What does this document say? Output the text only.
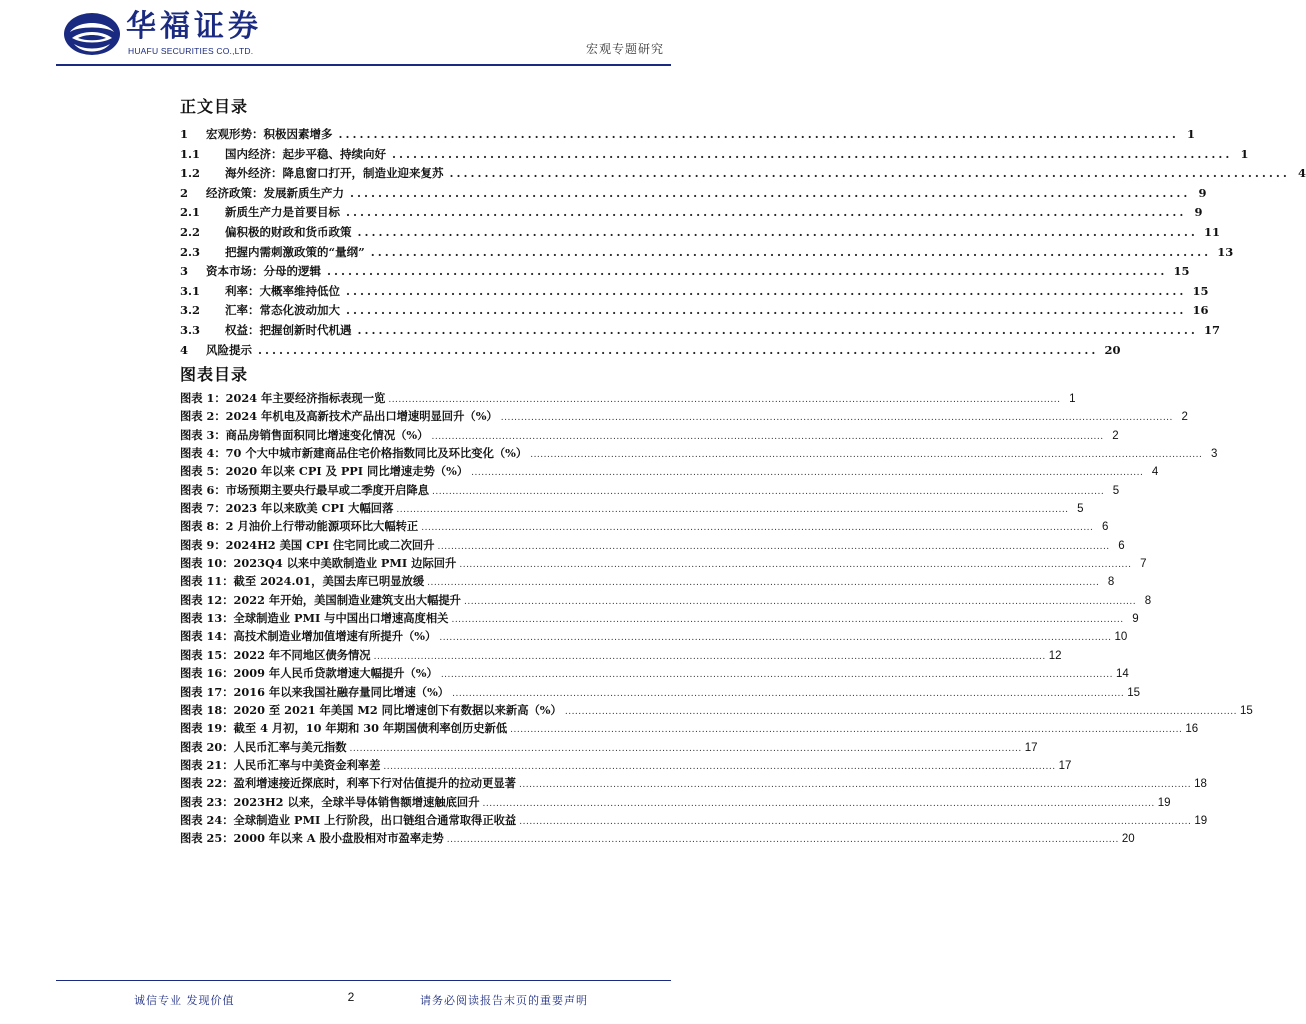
华福证券
HUAFU SECURITIES CO.,LTD.	宏观专题研究
正文目录
1	宏观形势：积极因素增多 ........................................................................................................................ 1
1.1	国内经济：起步平稳、持续向好 ........................................................................................................................ 1
1.2	海外经济：降息窗口打开，制造业迎来复苏 ........................................................................................................................ 4
2	经济政策：发展新质生产力 ........................................................................................................................ 9
2.1	新质生产力是首要目标 ........................................................................................................................ 9
2.2	偏积极的财政和货币政策 ........................................................................................................................ 11
2.3	把握内需刺激政策的“量纲” ........................................................................................................................ 13
3	资本市场：分母的逻辑 ........................................................................................................................ 15
3.1	利率：大概率维持低位 ........................................................................................................................ 15
3.2	汇率：常态化波动加大 ........................................................................................................................ 16
3.3	权益：把握创新时代机遇 ........................................................................................................................ 17
4	风险提示 ........................................................................................................................ 20
图表目录
图表 1：2024 年主要经济指标表现一览 ........................................................................................................................................................................................................ 1
图表 2：2024 年机电及高新技术产品出口增速明显回升（%） ........................................................................................................................................................................................................ 2
图表 3：商品房销售面积同比增速变化情况（%） ........................................................................................................................................................................................................ 2
图表 4：70 个大中城市新建商品住宅价格指数同比及环比变化（%） ........................................................................................................................................................................................................ 3
图表 5：2020 年以来 CPI 及 PPI 同比增速走势（%） ........................................................................................................................................................................................................ 4
图表 6：市场预期主要央行最早或二季度开启降息 ........................................................................................................................................................................................................ 5
图表 7：2023 年以来欧美 CPI 大幅回落 ........................................................................................................................................................................................................ 5
图表 8：2 月油价上行带动能源项环比大幅转正 ........................................................................................................................................................................................................ 6
图表 9：2024H2 美国 CPI 住宅同比或二次回升 ........................................................................................................................................................................................................ 6
图表 10：2023Q4 以来中美欧制造业 PMI 边际回升 ........................................................................................................................................................................................................ 7
图表 11：截至 2024.01，美国去库已明显放缓 ........................................................................................................................................................................................................ 8
图表 12：2022 年开始，美国制造业建筑支出大幅提升 ........................................................................................................................................................................................................ 8
图表 13：全球制造业 PMI 与中国出口增速高度相关 ........................................................................................................................................................................................................ 9
图表 14：高技术制造业增加值增速有所提升（%） ........................................................................................................................................................................................................ 10
图表 15：2022 年不同地区债务情况 ........................................................................................................................................................................................................ 12
图表 16：2009 年人民币贷款增速大幅提升（%） ........................................................................................................................................................................................................ 14
图表 17：2016 年以来我国社融存量同比增速（%） ........................................................................................................................................................................................................ 15
图表 18：2020 至 2021 年美国 M2 同比增速创下有数据以来新高（%） ........................................................................................................................................................................................................ 15
图表 19：截至 4 月初，10 年期和 30 年期国债利率创历史新低 ........................................................................................................................................................................................................ 16
图表 20：人民币汇率与美元指数 ........................................................................................................................................................................................................ 17
图表 21：人民币汇率与中美资金利率差 ........................................................................................................................................................................................................ 17
图表 22：盈利增速接近探底时，利率下行对估值提升的拉动更显著 ........................................................................................................................................................................................................ 18
图表 23：2023H2 以来，全球半导体销售额增速触底回升 ........................................................................................................................................................................................................ 19
图表 24：全球制造业 PMI 上行阶段，出口链组合通常取得正收益 ........................................................................................................................................................................................................ 19
图表 25：2000 年以来 A 股小盘股相对市盈率走势 ........................................................................................................................................................................................................ 20
诚信专业 发现价值	2	请务必阅读报告末页的重要声明
